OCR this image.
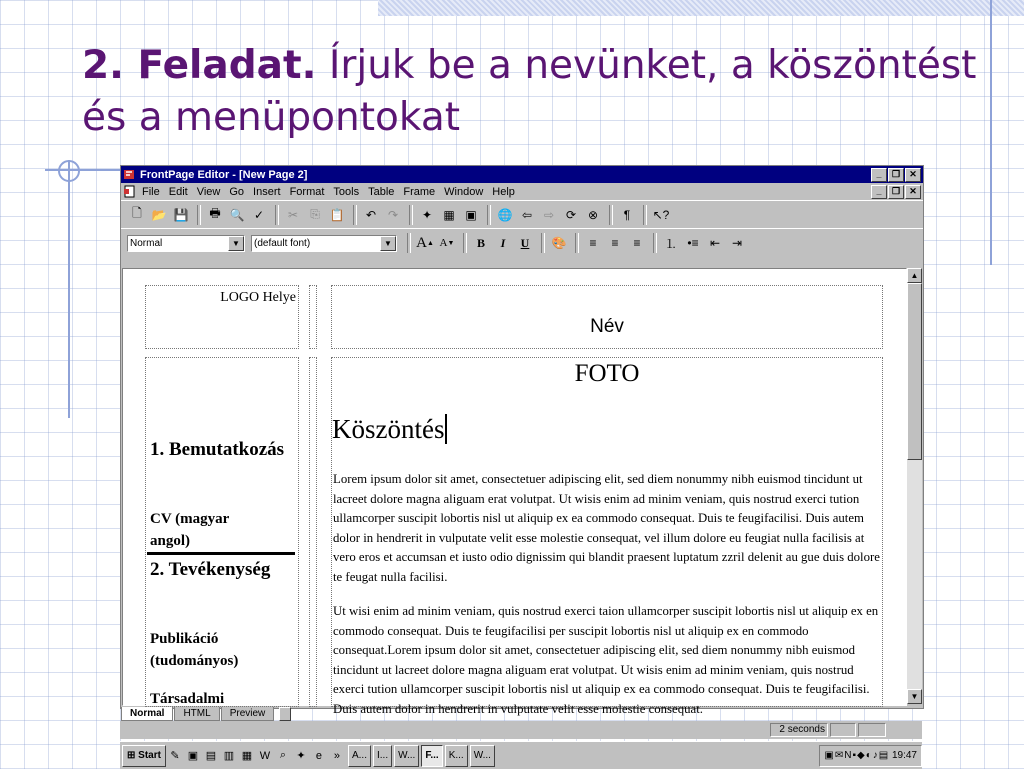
2. Feladat. Írjuk be a nevünket, a köszöntést és a menüpontokat
FrontPage Editor - [New Page 2]	_	❐	✕
File Edit View Go Insert Format Tools Table Frame Window Help	_	❐	✕
🗋 📂 💾	🖶 🔍 ✓	✂	⎘ 📋	↶ ↷	✦ ▦ ▣	🌐 ⇦ ⇨ ⟳ ⊗	¶	↖?
Normal	▼	(default font)	▼ A ▲ A ▼	B	I	U	🎨	≡	≡	≡	⒈ •≡ ⇤ ⇥
LOGO Helye
Név
1. Bemutatkozás
CV (magyar angol)
2. Tevékenység
Publikáció (tudományos)
Társadalmi
FOTO
Köszöntés

Lorem ipsum dolor sit amet, consectetuer adipiscing elit, sed diem nonummy nibh euismod tincidunt ut lacreet dolore magna aliguam erat volutpat. Ut wisis enim ad minim veniam, quis nostrud exerci tution ullamcorper suscipit lobortis nisl ut aliquip ex ea commodo consequat. Duis te feugifacilisi. Duis autem dolor in hendrerit in vulputate velit esse molestie consequat, vel illum dolore eu feugiat nulla facilisis at vero eros et accumsan et iusto odio dignissim qui blandit praesent luptatum zzril delenit au gue duis dolore te feugat nulla facilisi.

Ut wisi enim ad minim veniam, quis nostrud exerci taion ullamcorper suscipit lobortis nisl ut aliquip ex en commodo consequat. Duis te feugifacilisi per suscipit lobortis nisl ut aliquip ex en commodo consequat.Lorem ipsum dolor sit amet, consectetuer adipiscing elit, sed diem nonummy nibh euismod tincidunt ut lacreet dolore magna aliguam erat volutpat. Ut wisis enim ad minim veniam, quis nostrud exerci tution ullamcorper suscipit lobortis nisl ut aliquip ex ea commodo consequat. Duis te feugifacilisi. Duis autem dolor in hendrerit in vulputate velit esse molestie consequat.

▲
▼
Normal	HTML	Preview
2 seconds
⊞
Start ✎ ▣ ▤ ▥ ▦ W ⌕ ✦ e	»	A...	I...	W...	F...	K...	W...	▣✉N▪◆◐♪▤
19:47
